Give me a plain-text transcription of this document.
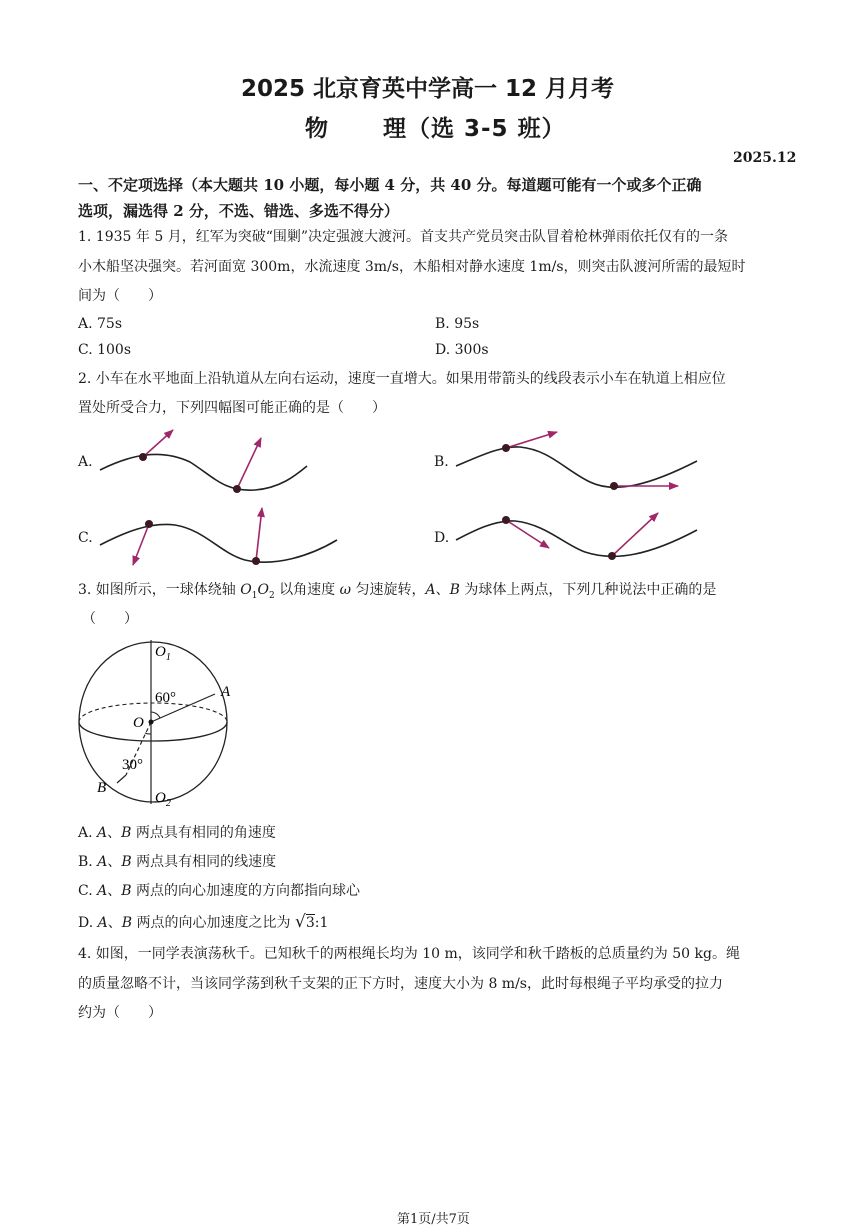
2025 北京育英中学高一 12 月月考
物 理（选 3-5 班）
2025.12
一、不定项选择（本大题共 10 小题，每小题 4 分，共 40 分。每道题可能有一个或多个正确
选项，漏选得 2 分，不选、错选、多选不得分）
1. 1935 年 5 月，红军为突破“围剿”决定强渡大渡河。首支共产党员突击队冒着枪林弹雨依托仅有的一条
小木船坚决强突。若河面宽 300m，水流速度 3m/s，木船相对静水速度 1m/s，则突击队渡河所需的最短时
间为（　　）
A. 75s	B. 95s
C. 100s	D. 300s
2. 小车在水平地面上沿轨道从左向右运动，速度一直增大。如果用带箭头的线段表示小车在轨道上相应位
置处所受合力，下列四幅图可能正确的是（　　）
A.	B.
C.	D.
3. 如图所示，一球体绕轴 $O_1O_2$ 以角速度 ω 匀速旋转，A、B 为球体上两点，下列几种说法中正确的是
（　　）
$O_1$
60°	A
O
30°
B
$O_2$
A. A、B 两点具有相同的角速度
B. A、B 两点具有相同的线速度
C. A、B 两点的向心加速度的方向都指向球心
D. A、B 两点的向心加速度之比为 √3:1
4. 如图，一同学表演荡秋千。已知秋千的两根绳长均为 10 m，该同学和秋千踏板的总质量约为 50 kg。绳
的质量忽略不计，当该同学荡到秋千支架的正下方时，速度大小为 8 m/s，此时每根绳子平均承受的拉力
约为（　　）
第1页/共7页
